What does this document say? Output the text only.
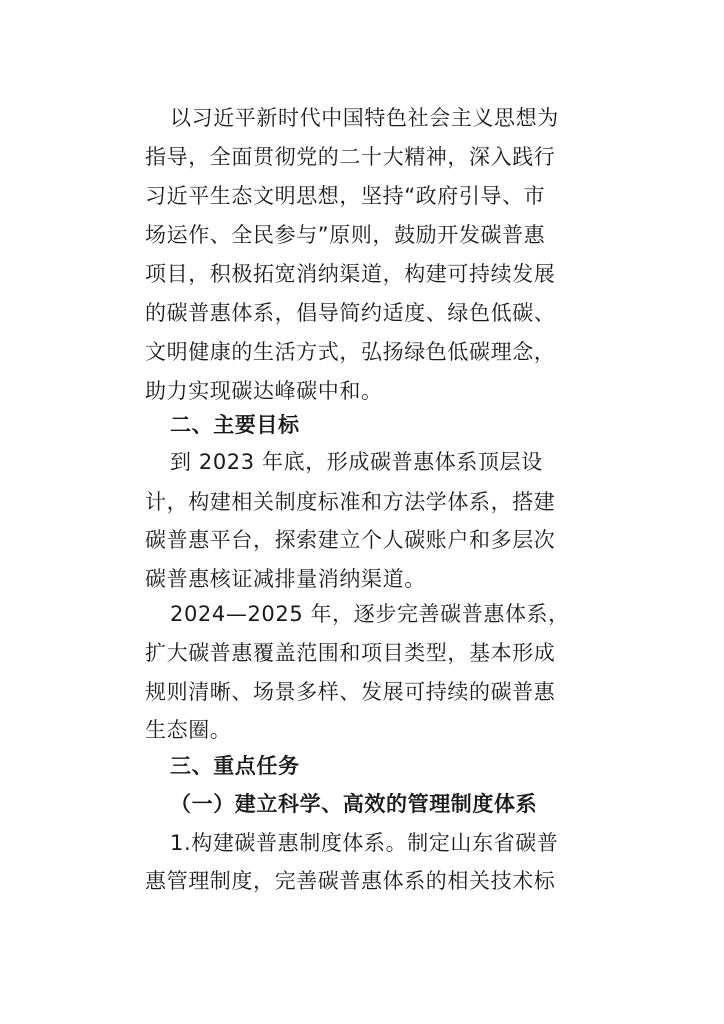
以习近平新时代中国特色社会主义思想为
指导，全面贯彻党的二十大精神，深入践行
习近平生态文明思想，坚持“政府引导、市
场运作、全民参与”原则，鼓励开发碳普惠
项目，积极拓宽消纳渠道，构建可持续发展
的碳普惠体系，倡导简约适度、绿色低碳、
文明健康的生活方式，弘扬绿色低碳理念，
助力实现碳达峰碳中和。
二、主要目标
到 2023 年底，形成碳普惠体系顶层设
计，构建相关制度标准和方法学体系，搭建
碳普惠平台，探索建立个人碳账户和多层次
碳普惠核证减排量消纳渠道。
2024—2025 年，逐步完善碳普惠体系，
扩大碳普惠覆盖范围和项目类型，基本形成
规则清晰、场景多样、发展可持续的碳普惠
生态圈。
三、重点任务
（一）建立科学、高效的管理制度体系
1.构建碳普惠制度体系。制定山东省碳普
惠管理制度，完善碳普惠体系的相关技术标
